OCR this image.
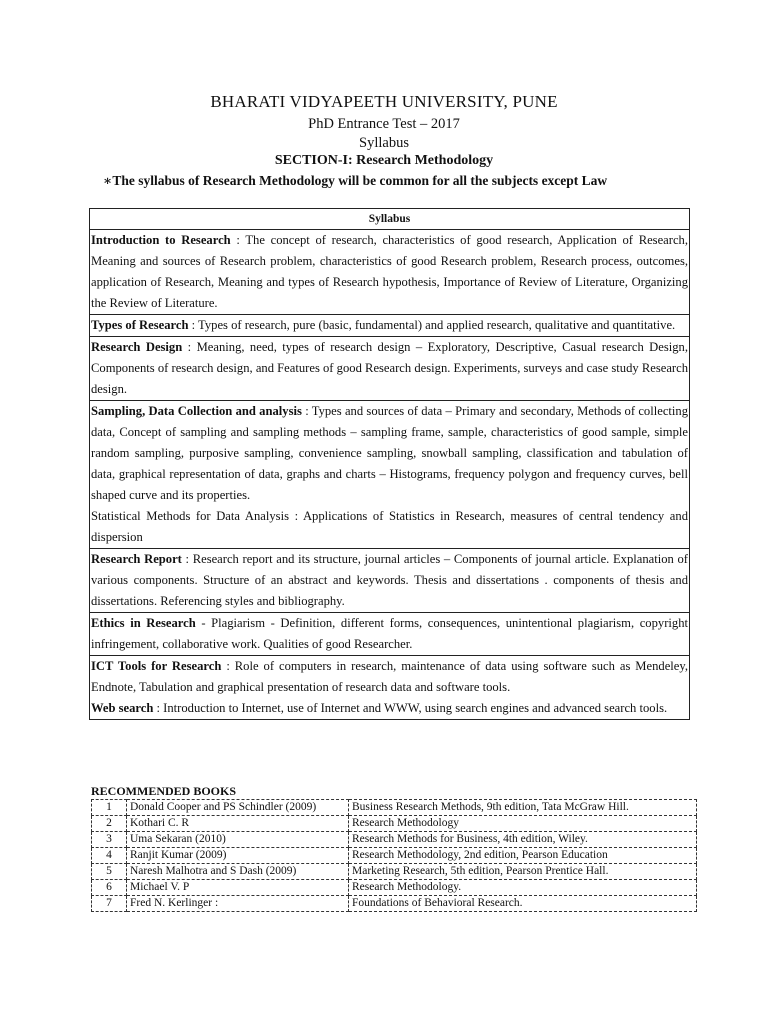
BHARATI VIDYAPEETH UNIVERSITY, PUNE
PhD Entrance Test – 2017
Syllabus
SECTION-I: Research Methodology
∗The syllabus of Research Methodology will be common for all the subjects except Law
Syllabus
Introduction to Research : The concept of research, characteristics of good research, Application of Research, Meaning and sources of Research problem, characteristics of good Research problem, Research process, outcomes, application of Research, Meaning and types of Research hypothesis, Importance of Review of Literature, Organizing the Review of Literature.
Types of Research : Types of research, pure (basic, fundamental) and applied research, qualitative and quantitative.
Research Design : Meaning, need, types of research design – Exploratory, Descriptive, Casual research Design, Components of research design, and Features of good Research design. Experiments, surveys and case study Research design.
Sampling, Data Collection and analysis : Types and sources of data – Primary and secondary, Methods of collecting data, Concept of sampling and sampling methods – sampling frame, sample, characteristics of good sample, simple random sampling, purposive sampling, convenience sampling, snowball sampling, classification and tabulation of data, graphical representation of data, graphs and charts – Histograms, frequency polygon and frequency curves, bell shaped curve and its properties.
Statistical Methods for Data Analysis : Applications of Statistics in Research, measures of central tendency and dispersion

Research Report : Research report and its structure, journal articles – Components of journal article. Explanation of various components. Structure of an abstract and keywords. Thesis and dissertations . components of thesis and dissertations. Referencing styles and bibliography.
Ethics in Research - Plagiarism - Definition, different forms, consequences, unintentional plagiarism, copyright infringement, collaborative work. Qualities of good Researcher.
ICT Tools for Research : Role of computers in research, maintenance of data using software such as Mendeley, Endnote, Tabulation and graphical presentation of research data and software tools.
Web search : Introduction to Internet, use of Internet and WWW, using search engines and advanced search tools.
RECOMMENDED BOOKS
1	Donald Cooper and PS Schindler (2009)	Business Research Methods, 9th edition, Tata McGraw Hill.
2	Kothari C. R	Research Methodology
3	Uma Sekaran (2010)	Research Methods for Business, 4th edition, Wiley.
4	Ranjit Kumar (2009)	Research Methodology, 2nd edition, Pearson Education
5	Naresh Malhotra and S Dash (2009)	Marketing Research, 5th edition, Pearson Prentice Hall.
6	Michael V. P	Research Methodology.
7	Fred N. Kerlinger :	Foundations of Behavioral Research.
